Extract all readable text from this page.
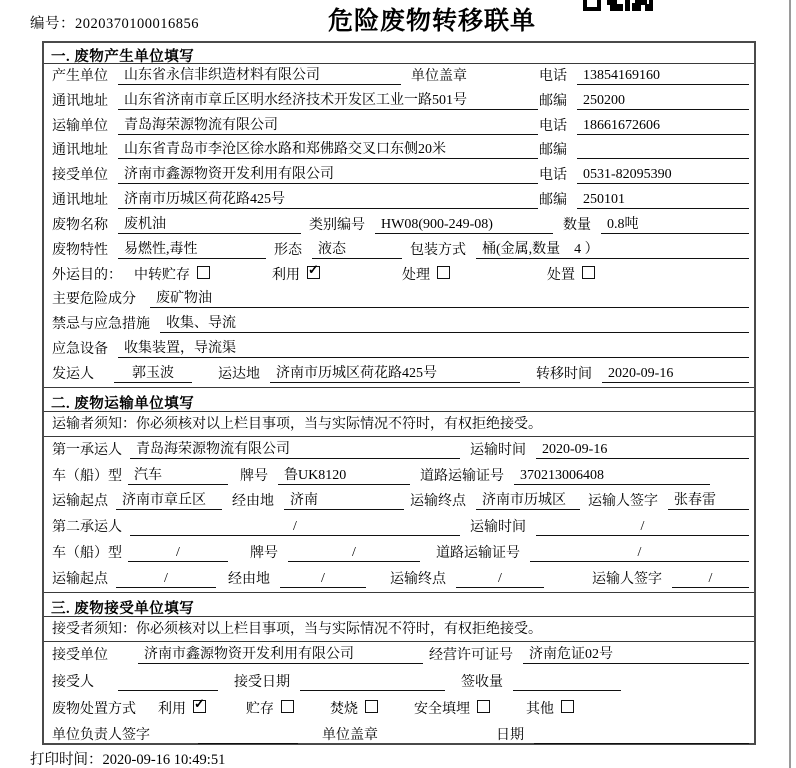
编号：2020370100016856	危险废物转移联单
一. 废物产生单位填写
产生单位	山东省永信非织造材料有限公司	单位盖章	电话	13854169160
通讯地址	山东省济南市章丘区明水经济技术开发区工业一路501号	邮编	250200
运输单位	青岛海荣源物流有限公司	电话	18661672606
通讯地址	山东省青岛市李沧区徐水路和郑佛路交叉口东侧20米	邮编
接受单位	济南市鑫源物资开发利用有限公司	电话	0531-82095390
通讯地址	济南市历城区荷花路425号	邮编	250101
废物名称	废机油	类别编号	HW08(900-249-08)	数量	0.8吨
废物特性	易燃性,毒性	形态	液态	包装方式	桶(金属,数量　4 ）
外运目的： 中转贮存	利用 ✓	处理	处置
主要危险成分	废矿物油
禁忌与应急措施	收集、导流
应急设备	收集装置，导流渠
发运人	郭玉波	运达地	济南市历城区荷花路425号	转移时间	2020-09-16
二. 废物运输单位填写
运输者须知： 你必须核对以上栏目事项，当与实际情况不符时，有权拒绝接受。
第一承运人	青岛海荣源物流有限公司	运输时间	2020-09-16
车（船）型 汽车	牌号	鲁UK8120	道路运输证号	370213006408
运输起点	济南市章丘区	经由地	济南	运输终点	济南市历城区	运输人签字	张春雷
第二承运人	/	运输时间	/
车（船）型	/	牌号	/	道路运输证号	/
运输起点	/	经由地	/	运输终点	/	运输人签字	/
三. 废物接受单位填写
接受者须知： 你必须核对以上栏目事项，当与实际情况不符时，有权拒绝接受。
接受单位	济南市鑫源物资开发利用有限公司	经营许可证号	济南危证02号
接受人	接受日期	签收量
废物处置方式 利用 ✓	贮存	焚烧	安全填埋	其他
单位负责人签字	单位盖章	日期
打印时间：2020-09-16 10:49:51
